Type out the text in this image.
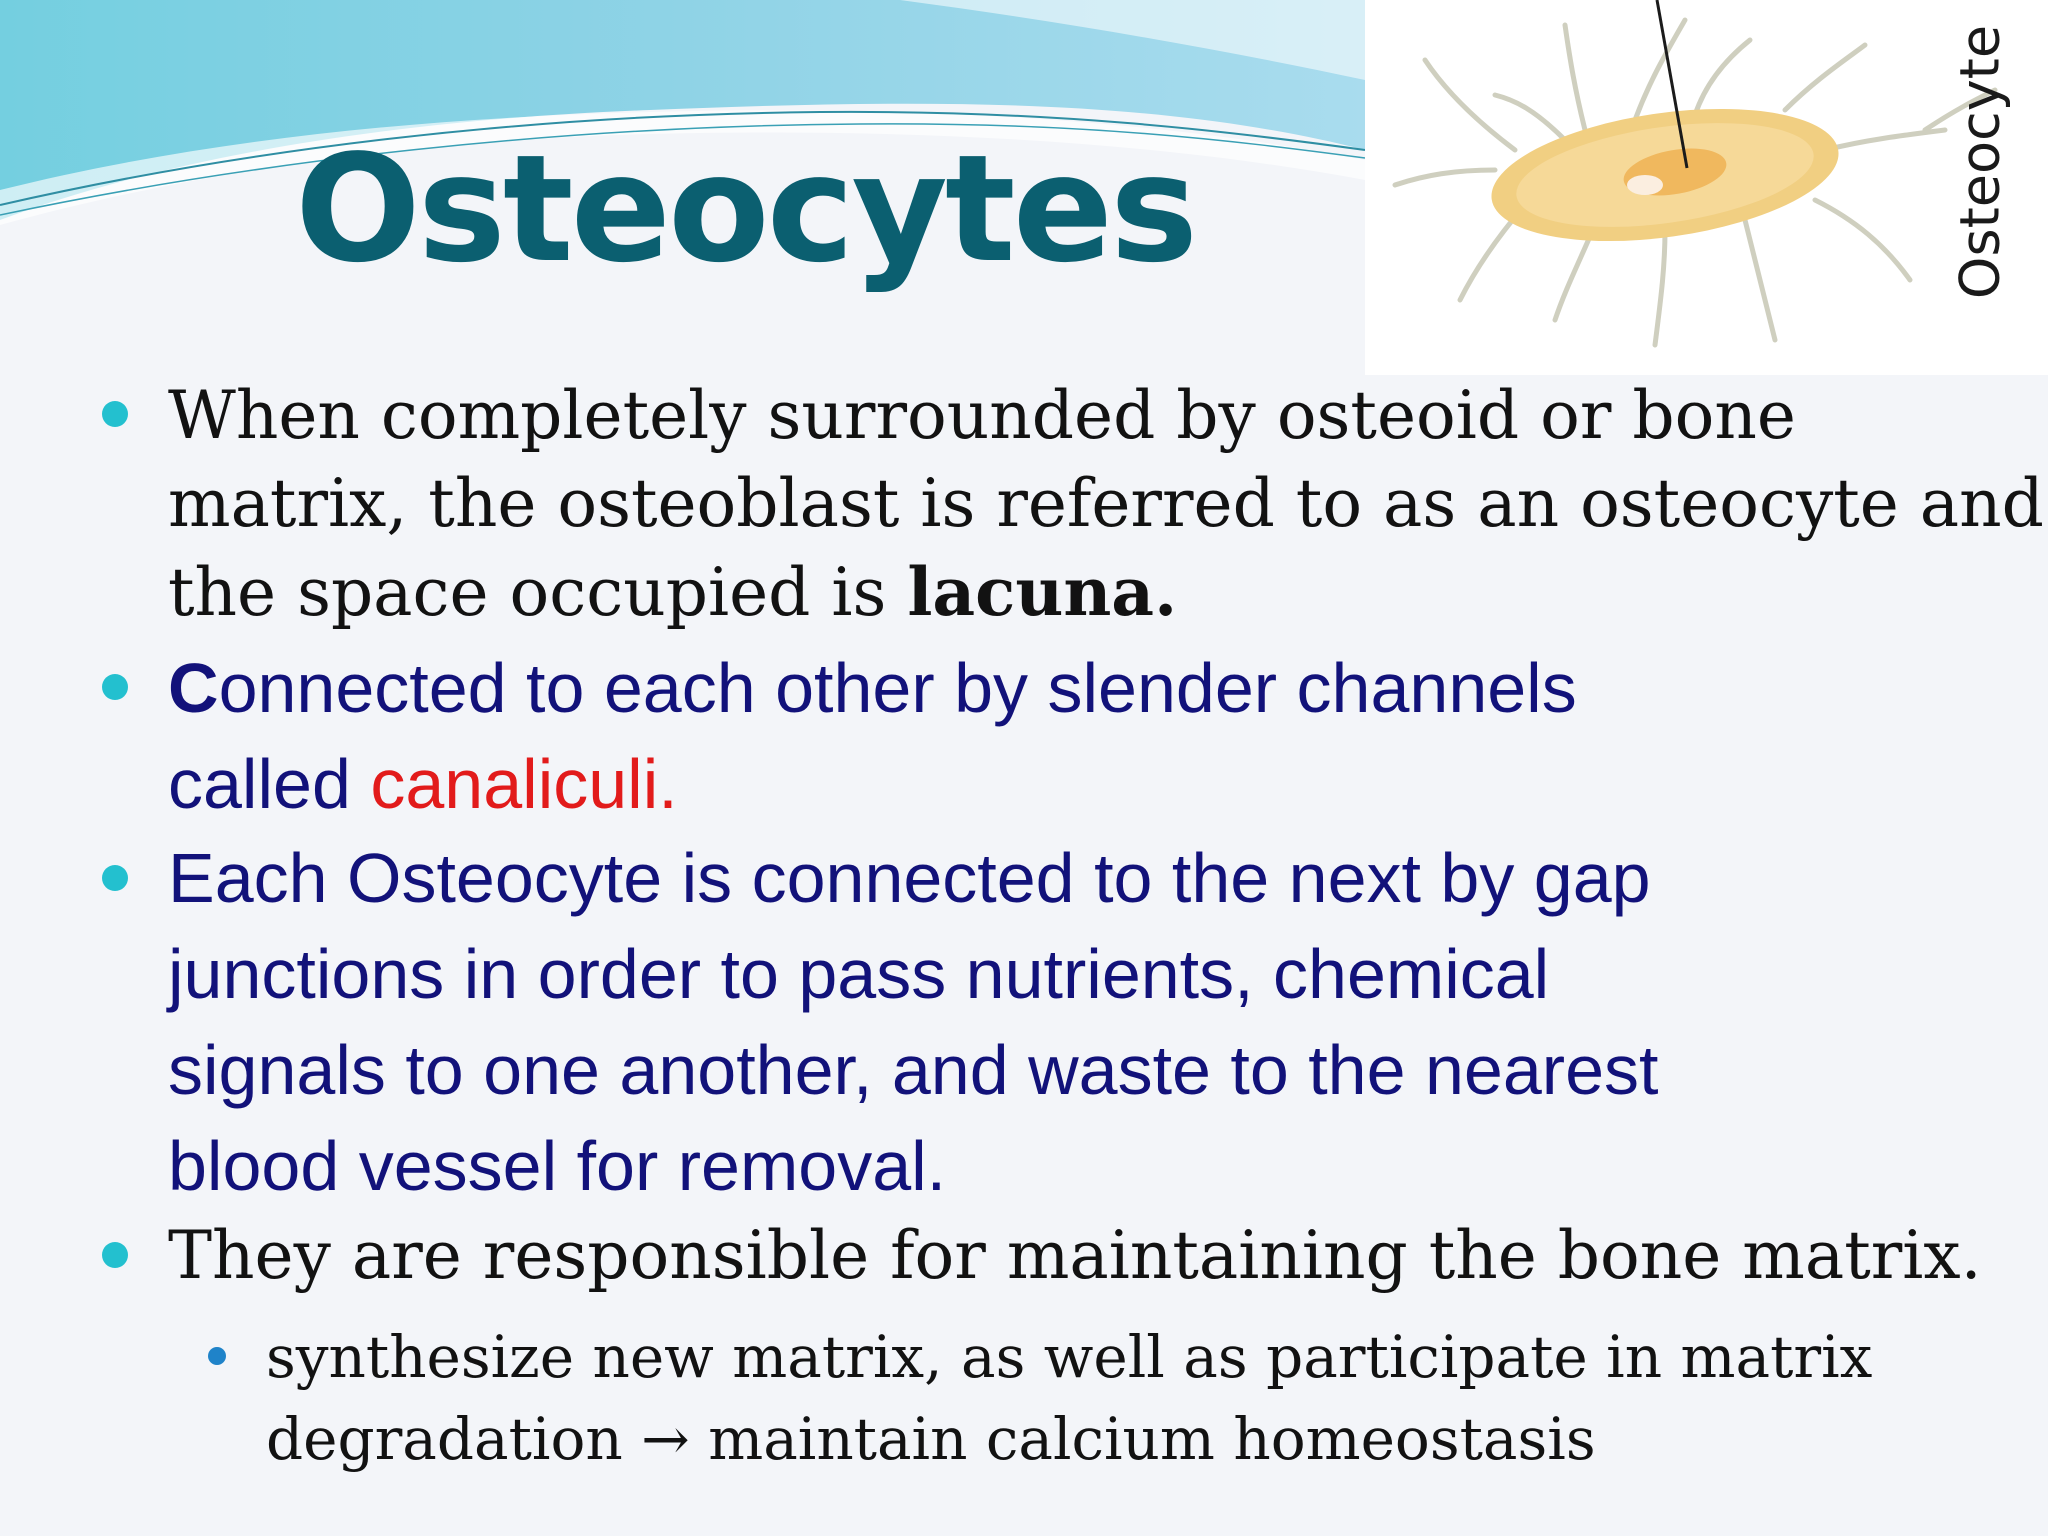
Osteocytes	Osteocyte
When completely surrounded by osteoid or bone
matrix, the osteoblast is referred to as an osteocyte and
the space occupied is lacuna.
Connected to each other by slender channels
called canaliculi.
Each Osteocyte is connected to the next by gap
junctions in order to pass nutrients, chemical
signals to one another, and waste to the nearest
blood vessel for removal.
They are responsible for maintaining the bone matrix.
synthesize new matrix, as well as participate in matrix
degradation → maintain calcium homeostasis
